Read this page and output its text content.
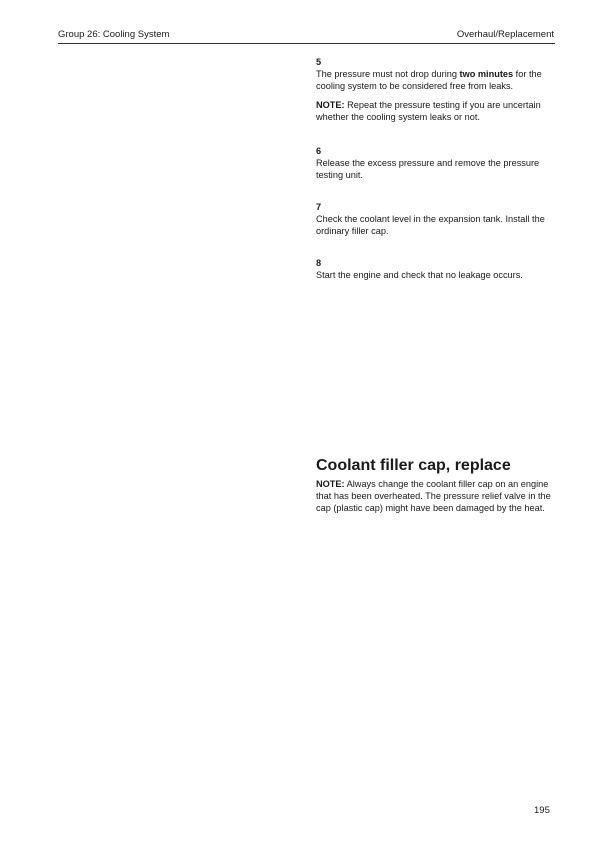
Group 26: Cooling System	Overhaul/Replacement
5

The pressure must not drop during two minutes for the cooling system to be considered free from leaks.

NOTE: Repeat the pressure testing if you are uncertain whether the cooling system leaks or not.

6

Release the excess pressure and remove the pressure testing unit.

7

Check the coolant level in the expansion tank. Install the ordinary filler cap.

8

Start the engine and check that no leakage occurs.

Coolant filler cap, replace

NOTE: Always change the coolant filler cap on an engine that has been overheated. The pressure relief valve in the cap (plastic cap) might have been damaged by the heat.

195
